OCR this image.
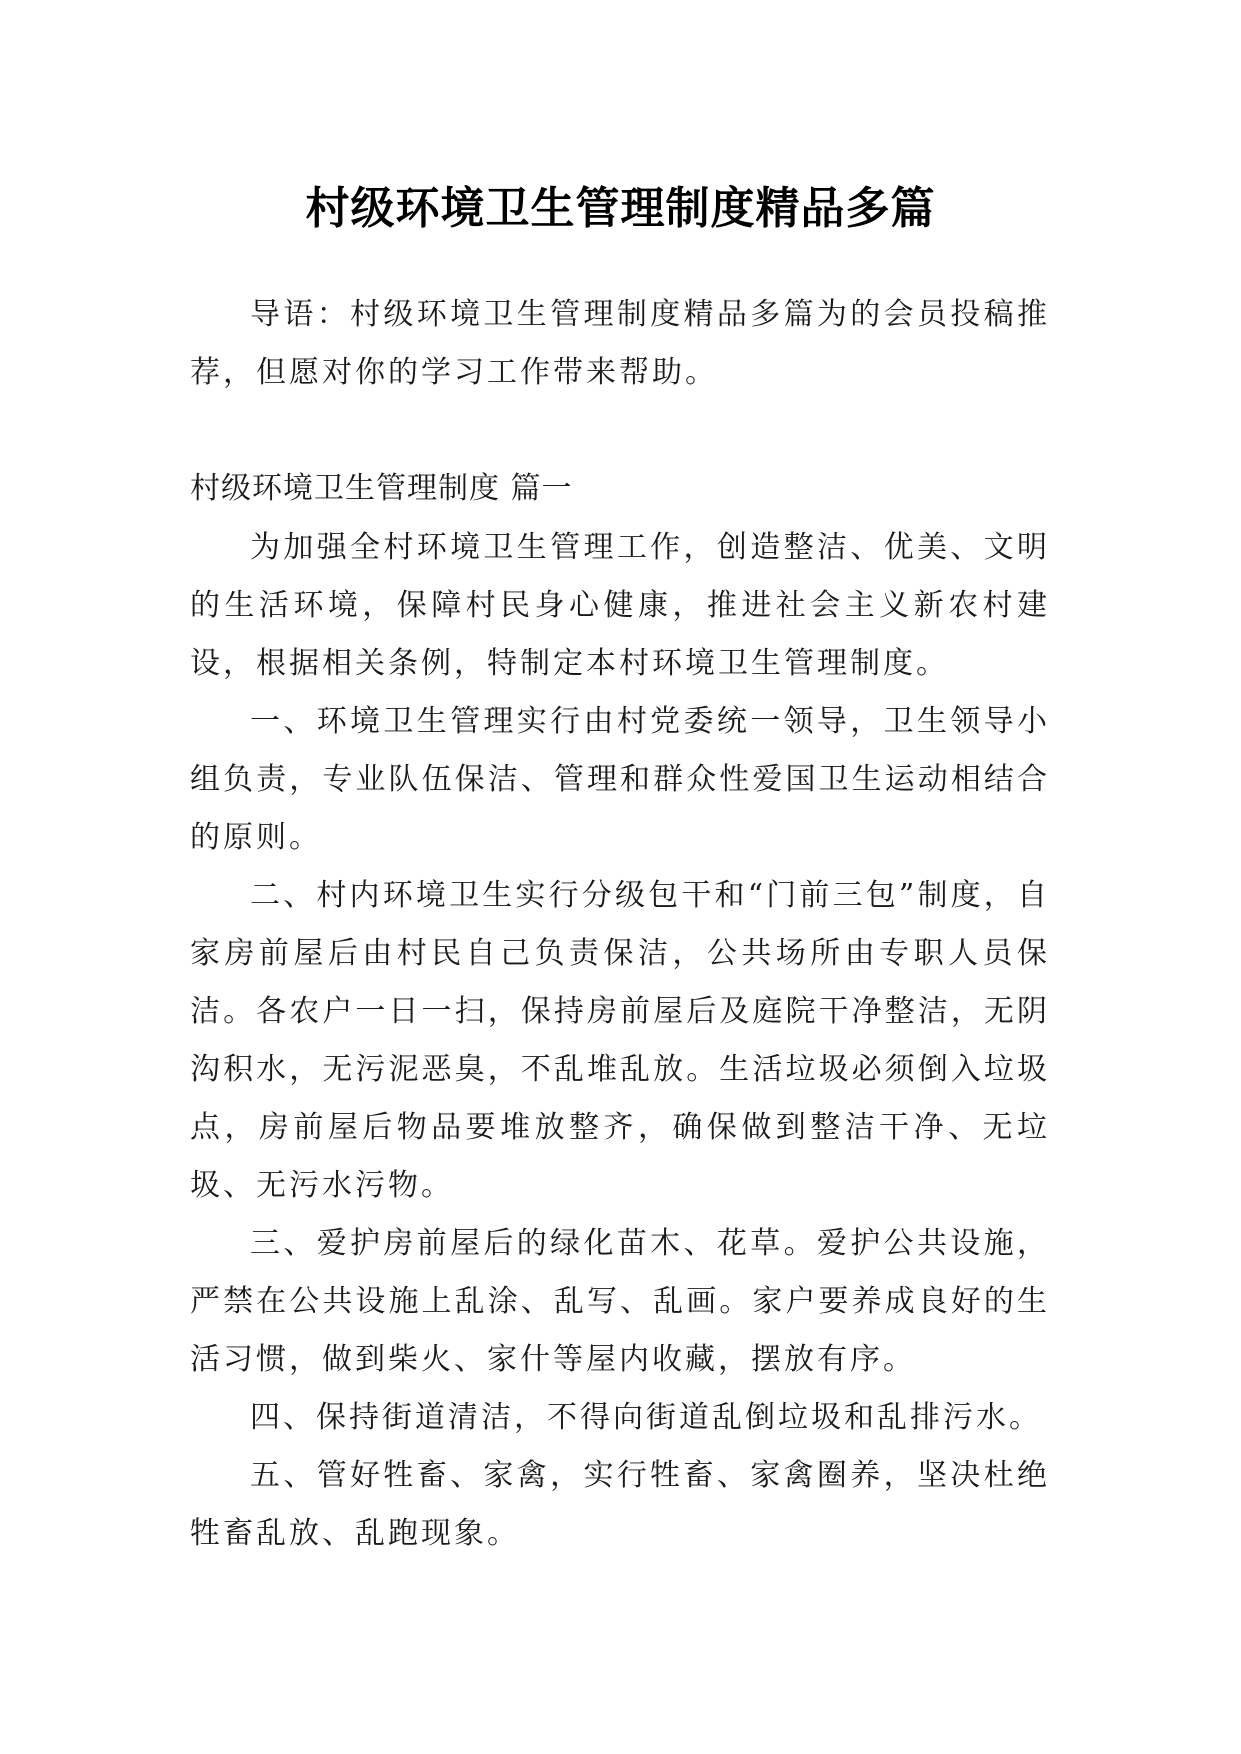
村级环境卫生管理制度精品多篇

导语：村级环境卫生管理制度精品多篇为的会员投稿推荐，但愿对你的学习工作带来帮助。

村级环境卫生管理制度 篇一

为加强全村环境卫生管理工作，创造整洁、优美、文明的生活环境，保障村民身心健康，推进社会主义新农村建设，根据相关条例，特制定本村环境卫生管理制度。

一、环境卫生管理实行由村党委统一领导，卫生领导小组负责，专业队伍保洁、管理和群众性爱国卫生运动相结合的原则。

二、村内环境卫生实行分级包干和“门前三包”制度，自家房前屋后由村民自己负责保洁，公共场所由专职人员保洁。各农户一日一扫，保持房前屋后及庭院干净整洁，无阴沟积水，无污泥恶臭，不乱堆乱放。生活垃圾必须倒入垃圾点，房前屋后物品要堆放整齐，确保做到整洁干净、无垃圾、无污水污物。

三、爱护房前屋后的绿化苗木、花草。爱护公共设施，严禁在公共设施上乱涂、乱写、乱画。家户要养成良好的生活习惯，做到柴火、家什等屋内收藏，摆放有序。

四、保持街道清洁，不得向街道乱倒垃圾和乱排污水。

五、管好牲畜、家禽，实行牲畜、家禽圈养，坚决杜绝牲畜乱放、乱跑现象。
